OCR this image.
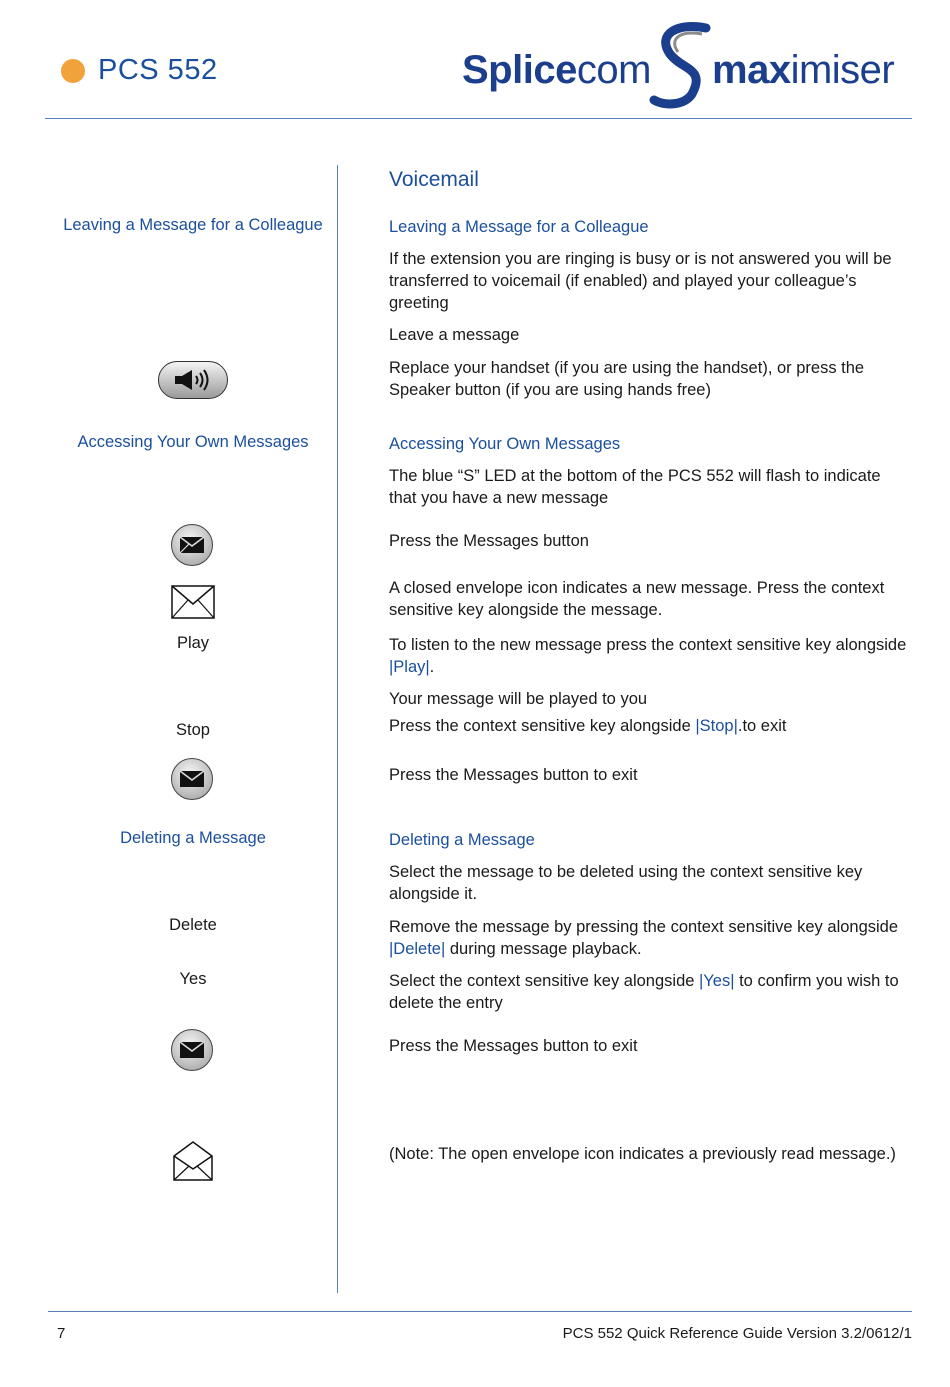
PCS 552	Splicecom maximiser
Voicemail
Leaving a Message for a Colleague
Accessing Your Own Messages
Play
Stop
Deleting a Message
Delete
Yes
Leaving a Message for a Colleague
If the extension you are ringing is busy or is not answered you will be transferred to voicemail (if enabled) and played your colleague’s greeting
Leave a message
Replace your handset (if you are using the handset), or press the Speaker button (if you are using hands free)
Accessing Your Own Messages
The blue “S” LED at the bottom of the PCS 552 will flash to indicate that you have a new message
Press the Messages button
A closed envelope icon indicates a new message. Press the context sensitive key alongside the message.
To listen to the new message press the context sensitive key alongside |Play|.
Your message will be played to you
Press the context sensitive key alongside |Stop|.to exit
Press the Messages button to exit
Deleting a Message
Select the message to be deleted using the context sensitive key alongside it.
Remove the message by pressing the context sensitive key alongside |Delete| during message playback.
Select the context sensitive key alongside |Yes| to confirm you wish to delete the entry
Press the Messages button to exit
(Note: The open envelope icon indicates a previously read message.)
7	PCS 552 Quick Reference Guide Version 3.2/0612/1
